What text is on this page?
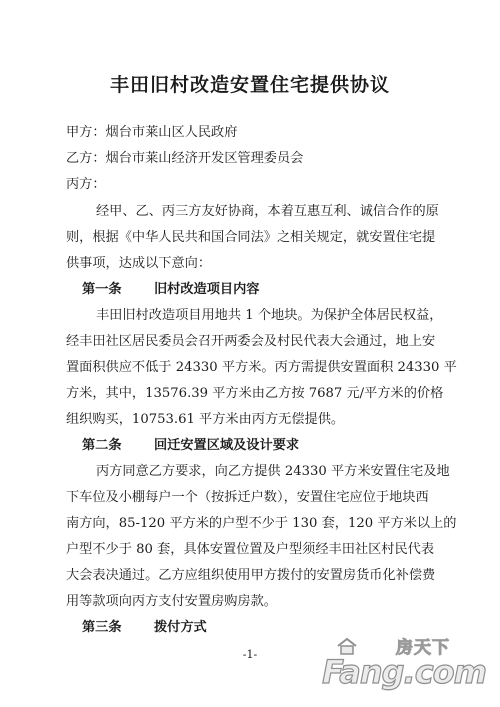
丰田旧村改造安置住宅提供协议
甲方：烟台市莱山区人民政府
乙方：烟台市莱山经济开发区管理委员会
丙方：
经甲、乙、丙三方友好协商，本着互惠互利、诚信合作的原
则，根据《中华人民共和国合同法》之相关规定，就安置住宅提
供事项，达成以下意向：
第一条 旧村改造项目内容
丰田旧村改造项目用地共 1 个地块。为保护全体居民权益，
经丰田社区居民委员会召开两委会及村民代表大会通过，地上安
置面积供应不低于 24330 平方米。丙方需提供安置面积 24330 平
方米，其中，13576.39 平方米由乙方按 7687 元/平方米的价格
组织购买，10753.61 平方米由丙方无偿提供。
第二条 回迁安置区域及设计要求
丙方同意乙方要求，向乙方提供 24330 平方米安置住宅及地
下车位及小棚每户一个（按拆迁户数），安置住宅应位于地块西
南方向，85-120 平方米的户型不少于 130 套，120 平方米以上的
户型不少于 80 套，具体安置位置及户型须经丰田社区村民代表
大会表决通过。乙方应组织使用甲方拨付的安置房货币化补偿费
用等款项向丙方支付安置房购房款。
第三条 拨付方式
-1-	房天下
Fang.com
